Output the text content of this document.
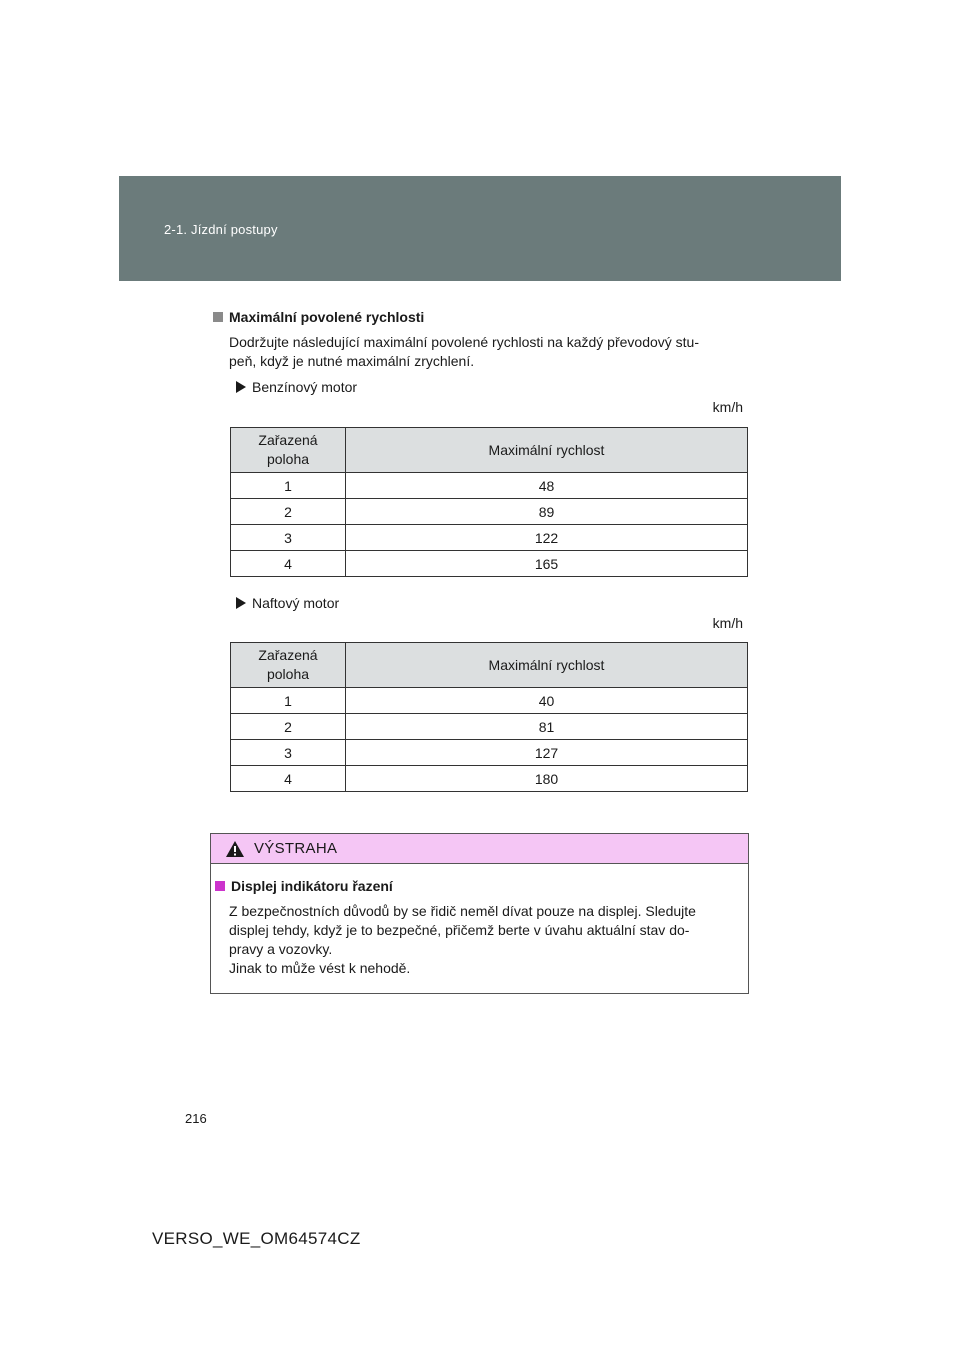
2-1. Jízdní postupy
Maximální povolené rychlosti
Dodržujte následující maximální povolené rychlosti na každý převodový stu-
peň, když je nutné maximální zrychlení.
Benzínový motor
km/h
Zařazená poloha	Maximální rychlost
1	48
2	89
3	122
4	165
Naftový motor
km/h
Zařazená poloha	Maximální rychlost
1	40
2	81
3	127
4	180
VÝSTRAHA
Displej indikátoru řazení
Z bezpečnostních důvodů by se řidič neměl dívat pouze na displej. Sledujte
displej tehdy, když je to bezpečné, přičemž berte v úvahu aktuální stav do-
pravy a vozovky.
Jinak to může vést k nehodě.
216
VERSO_WE_OM64574CZ
